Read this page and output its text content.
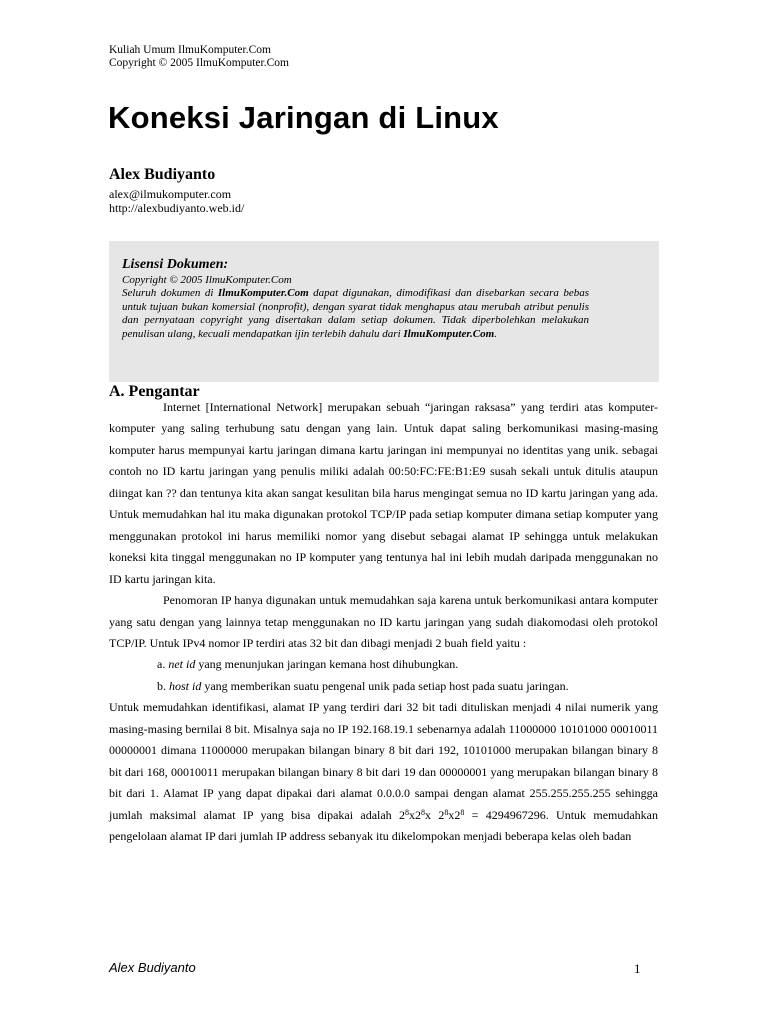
Kuliah Umum IlmuKomputer.Com
Copyright © 2005 IlmuKomputer.Com
Koneksi Jaringan di Linux
Alex Budiyanto
alex@ilmukomputer.com
http://alexbudiyanto.web.id/
Lisensi Dokumen:
Copyright © 2005 IlmuKomputer.Com
Seluruh dokumen di IlmuKomputer.Com dapat digunakan, dimodifikasi dan disebarkan secara bebas untuk tujuan bukan komersial (nonprofit), dengan syarat tidak menghapus atau merubah atribut penulis dan pernyataan copyright yang disertakan dalam setiap dokumen. Tidak diperbolehkan melakukan penulisan ulang, kecuali mendapatkan ijin terlebih dahulu dari IlmuKomputer.Com.
A. Pengantar

Internet [International Network] merupakan sebuah “jaringan raksasa” yang terdiri atas komputer-komputer yang saling terhubung satu dengan yang lain. Untuk dapat saling berkomunikasi masing-masing komputer harus mempunyai kartu jaringan dimana kartu jaringan ini mempunyai no identitas yang unik. sebagai contoh no ID kartu jaringan yang penulis miliki adalah 00:50:FC:FE:B1:E9 susah sekali untuk ditulis ataupun diingat kan ?? dan tentunya kita akan sangat kesulitan bila harus mengingat semua no ID kartu jaringan yang ada. Untuk memudahkan hal itu maka digunakan protokol TCP/IP pada setiap komputer dimana setiap komputer yang menggunakan protokol ini harus memiliki nomor yang disebut sebagai alamat IP sehingga untuk melakukan koneksi kita tinggal menggunakan no IP komputer yang tentunya hal ini lebih mudah daripada menggunakan no ID kartu jaringan kita.

Penomoran IP hanya digunakan untuk memudahkan saja karena untuk berkomunikasi antara komputer yang satu dengan yang lainnya tetap menggunakan no ID kartu jaringan yang sudah diakomodasi oleh protokol TCP/IP. Untuk IPv4 nomor IP terdiri atas 32 bit dan dibagi menjadi 2 buah field yaitu :

a. net id yang menunjukan jaringan kemana host dihubungkan.

b. host id yang memberikan suatu pengenal unik pada setiap host pada suatu jaringan.

Untuk memudahkan identifikasi, alamat IP yang terdiri dari 32 bit tadi dituliskan menjadi 4 nilai numerik yang masing-masing bernilai 8 bit. Misalnya saja no IP 192.168.19.1 sebenarnya adalah 11000000 10101000 00010011 00000001 dimana 11000000 merupakan bilangan binary 8 bit dari 192, 10101000 merupakan bilangan binary 8 bit dari 168, 00010011 merupakan bilangan binary 8 bit dari 19 dan 00000001 yang merupakan bilangan binary 8 bit dari 1. Alamat IP yang dapat dipakai dari alamat 0.0.0.0 sampai dengan alamat 255.255.255.255 sehingga jumlah maksimal alamat IP yang bisa dipakai adalah $2^8x2^8x$ $2^8x2^8 = 4294967296$. Untuk memudahkan pengelolaan alamat IP dari jumlah IP address sebanyak itu dikelompokan menjadi beberapa kelas oleh badan

Alex Budiyanto	1
